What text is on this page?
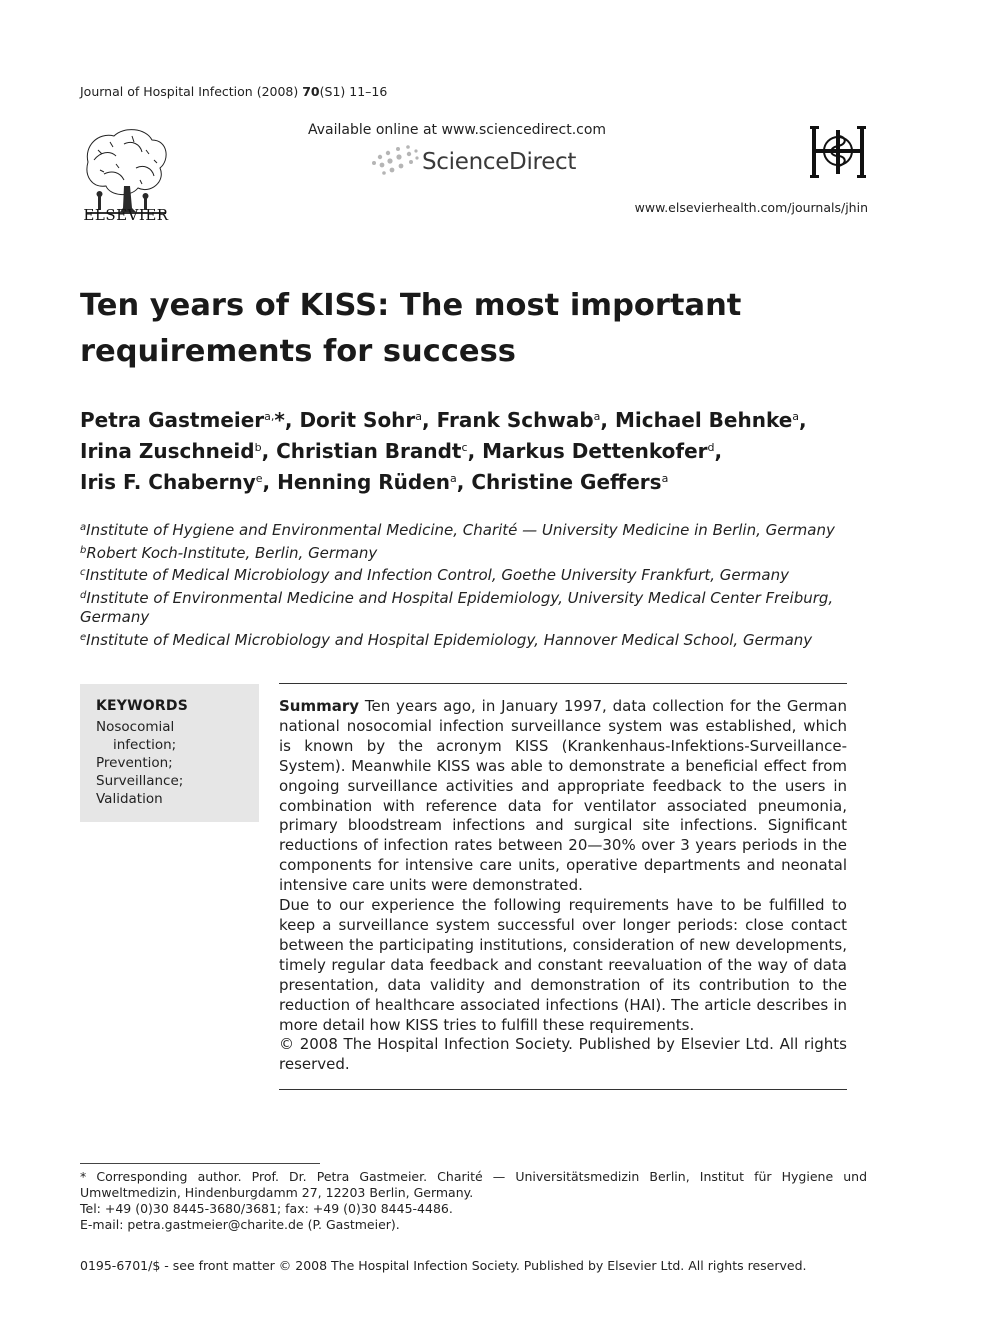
Journal of Hospital Infection (2008) 70(S1) 11–16
ELSEVIER
Available online at www.sciencedirect.com
ScienceDirect
www.elsevierhealth.com/journals/jhin
Ten years of KISS: The most important requirements for success
Petra Gastmeier$^{a,}$*, Dorit Sohr$^a$, Frank Schwab$^a$, Michael Behnke$^a$,
Irina Zuschneid$^b$, Christian Brandt$^c$, Markus Dettenkofer$^d$,
Iris F. Chaberny$^e$, Henning Rüden$^a$, Christine Geffers$^a$
$^a$Institute of Hygiene and Environmental Medicine, Charité — University Medicine in Berlin, Germany
$^b$Robert Koch-Institute, Berlin, Germany
$^c$Institute of Medical Microbiology and Infection Control, Goethe University Frankfurt, Germany
$^d$Institute of Environmental Medicine and Hospital Epidemiology, University Medical Center Freiburg, Germany
$^e$Institute of Medical Microbiology and Hospital Epidemiology, Hannover Medical School, Germany
KEYWORDS
Nosocomial
infection;
Prevention;
Surveillance;
Validation

Summary Ten years ago, in January 1997, data collection for the German national nosocomial infection surveillance system was established, which is known by the acronym KISS (Krankenhaus-Infektions-Surveillance-System). Meanwhile KISS was able to demonstrate a beneficial effect from ongoing surveillance activities and appropriate feedback to the users in combination with reference data for ventilator associated pneumonia, primary bloodstream infections and surgical site infections. Significant reductions of infection rates between 20—30% over 3 years periods in the components for intensive care units, operative departments and neonatal intensive care units were demonstrated.

Due to our experience the following requirements have to be fulfilled to keep a surveillance system successful over longer periods: close contact between the participating institutions, consideration of new developments, timely regular data feedback and constant reevaluation of the way of data presentation, data validity and demonstration of its contribution to the reduction of healthcare associated infections (HAI). The article describes in more detail how KISS tries to fulfill these requirements.

© 2008 The Hospital Infection Society. Published by Elsevier Ltd. All rights reserved.

* Corresponding author. Prof. Dr. Petra Gastmeier. Charité — Universitätsmedizin Berlin, Institut für Hygiene und Umweltmedizin, Hindenburgdamm 27, 12203 Berlin, Germany.

Tel: +49 (0)30 8445-3680/3681; fax: +49 (0)30 8445-4486.

E-mail: petra.gastmeier@charite.de (P. Gastmeier).

0195-6701/$ - see front matter © 2008 The Hospital Infection Society. Published by Elsevier Ltd. All rights reserved.
